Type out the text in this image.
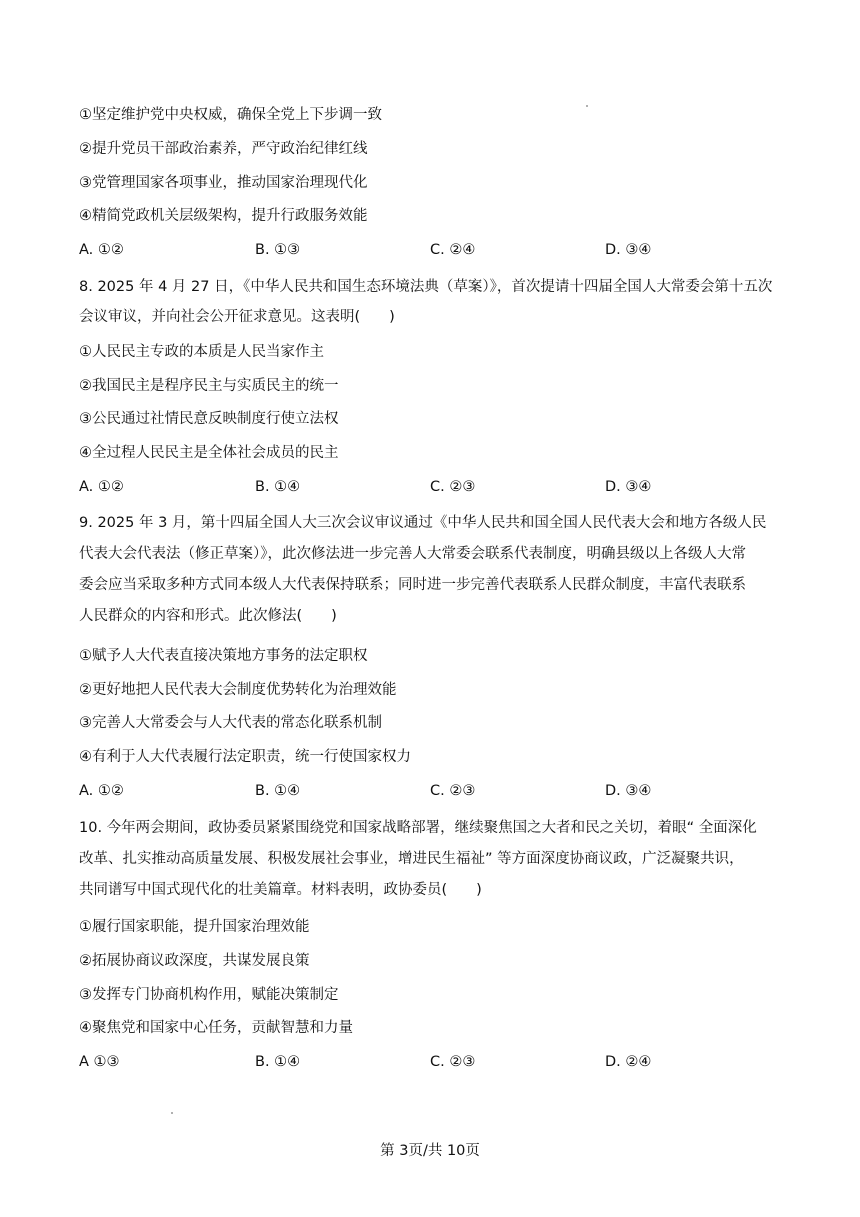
①坚定维护党中央权威，确保全党上下步调一致
②提升党员干部政治素养，严守政治纪律红线
③党管理国家各项事业，推动国家治理现代化
④精简党政机关层级架构，提升行政服务效能
A. ①②	B. ①③	C. ②④	D. ③④
8. 2025 年 4 月 27 日，《中华人民共和国生态环境法典（草案）》，首次提请十四届全国人大常委会第十五次
会议审议，并向社会公开征求意见。这表明(　　)
①人民民主专政的本质是人民当家作主
②我国民主是程序民主与实质民主的统一
③公民通过社情民意反映制度行使立法权
④全过程人民民主是全体社会成员的民主
A. ①②	B. ①④	C. ②③	D. ③④
9. 2025 年 3 月，第十四届全国人大三次会议审议通过《中华人民共和国全国人民代表大会和地方各级人民
代表大会代表法（修正草案）》，此次修法进一步完善人大常委会联系代表制度，明确县级以上各级人大常
委会应当采取多种方式同本级人大代表保持联系；同时进一步完善代表联系人民群众制度，丰富代表联系
人民群众的内容和形式。此次修法(　　)
①赋予人大代表直接决策地方事务的法定职权
②更好地把人民代表大会制度优势转化为治理效能
③完善人大常委会与人大代表的常态化联系机制
④有利于人大代表履行法定职责，统一行使国家权力
A. ①②	B. ①④	C. ②③	D. ③④
10. 今年两会期间，政协委员紧紧围绕党和国家战略部署，继续聚焦国之大者和民之关切，着眼“ 全面深化
改革、扎实推动高质量发展、积极发展社会事业，增进民生福祉” 等方面深度协商议政，广泛凝聚共识，
共同谱写中国式现代化的壮美篇章。材料表明，政协委员(　　)
①履行国家职能，提升国家治理效能
②拓展协商议政深度，共谋发展良策
③发挥专门协商机构作用，赋能决策制定
④聚焦党和国家中心任务，贡献智慧和力量
A ①③	B. ①④	C. ②③	D. ②④
第 3页/共 10页
